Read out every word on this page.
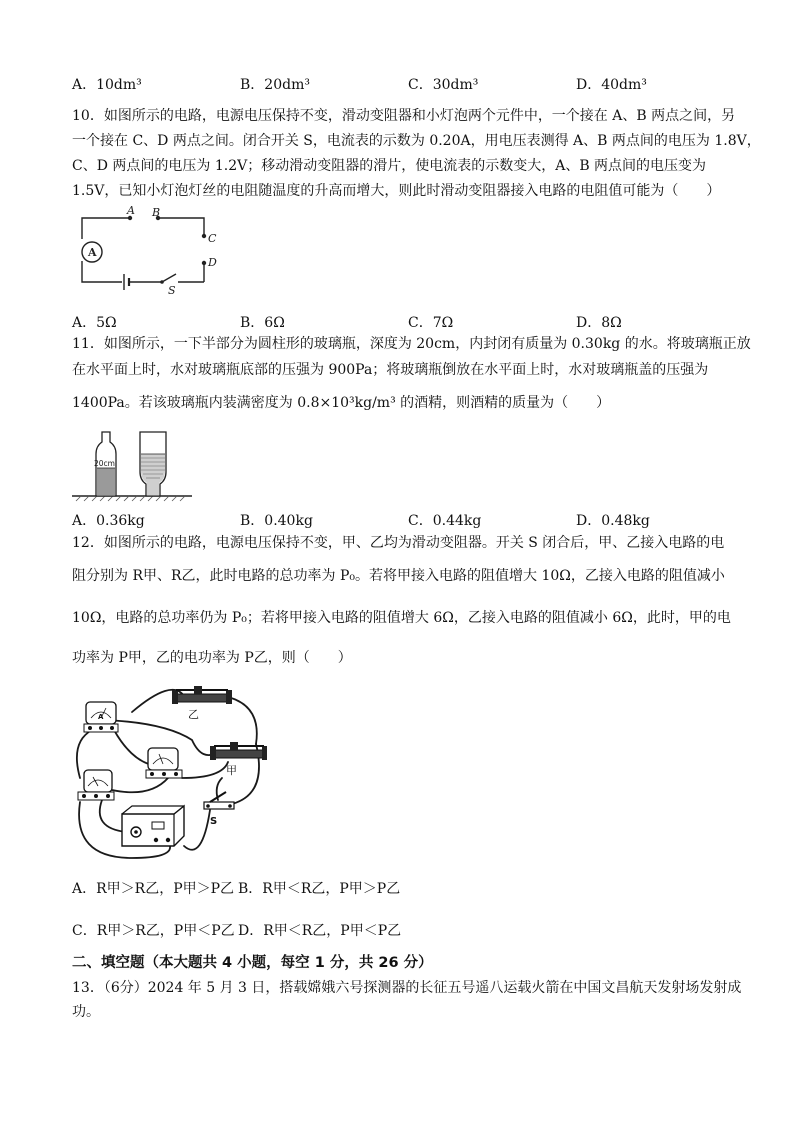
A．10dm³	B．20dm³	C．30dm³	D．40dm³
10．如图所示的电路，电源电压保持不变，滑动变阻器和小灯泡两个元件中，一个接在 A、B 两点之间，另
一个接在 C、D 两点之间。闭合开关 S，电流表的示数为 0.20A，用电压表测得 A、B 两点间的电压为 1.8V，
C、D 两点间的电压为 1.2V；移动滑动变阻器的滑片，使电流表的示数变大，A、B 两点间的电压变为
1.5V，已知小灯泡灯丝的电阻随温度的升高而增大，则此时滑动变阻器接入电路的电阻值可能为（　　）
A B
C
D
A
S
A．5Ω	B．6Ω	C．7Ω	D．8Ω
11．如图所示，一下半部分为圆柱形的玻璃瓶，深度为 20cm，内封闭有质量为 0.30kg 的水。将玻璃瓶正放
在水平面上时，水对玻璃瓶底部的压强为 900Pa；将玻璃瓶倒放在水平面上时，水对玻璃瓶盖的压强为
1400Pa。若该玻璃瓶内装满密度为 0.8×10³kg/m³ 的酒精，则酒精的质量为（　　）
20cm
A．0.36kg	B．0.40kg	C．0.44kg	D．0.48kg
12．如图所示的电路，电源电压保持不变，甲、乙均为滑动变阻器。开关 S 闭合后，甲、乙接入电路的电
阻分别为 R甲、R乙，此时电路的总功率为 P₀。若将甲接入电路的阻值增大 10Ω，乙接入电路的阻值减小
10Ω，电路的总功率仍为 P₀；若将甲接入电路的阻值增大 6Ω，乙接入电路的阻值减小 6Ω，此时，甲的电
功率为 P甲，乙的电功率为 P乙，则（　　）
乙
甲
A
S
A．R甲＞R乙，P甲＞P乙 B．R甲＜R乙，P甲＞P乙
C．R甲＞R乙，P甲＜P乙 D．R甲＜R乙，P甲＜P乙
二、填空题（本大题共 4 小题，每空 1 分，共 26 分）
13．（6分）2024 年 5 月 3 日，搭载嫦娥六号探测器的长征五号遥八运载火箭在中国文昌航天发射场发射成
功。
